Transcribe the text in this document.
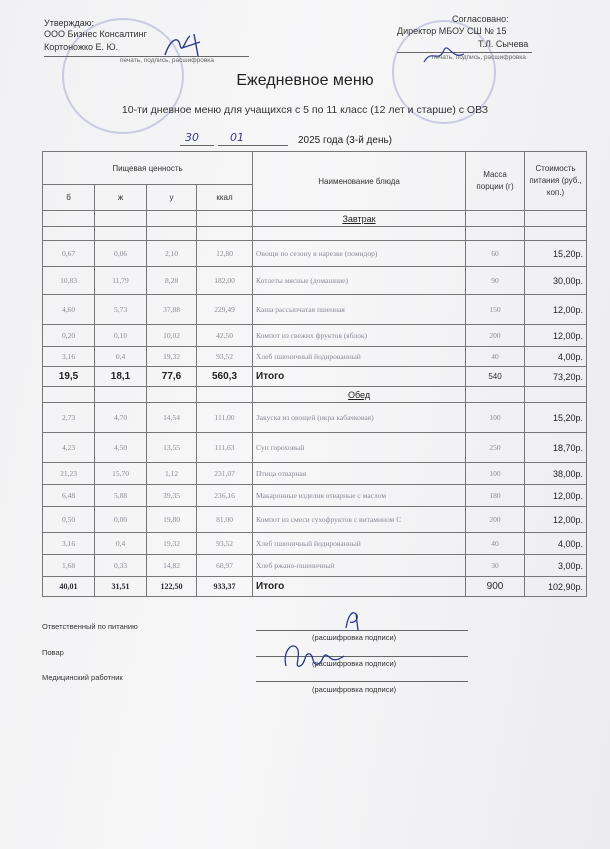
Утверждаю:
ООО Бизнес Консалтинг
Кортоножко Е. Ю.
печать, подпись, расшифровка
Согласовано:
Директор МБОУ СШ № 15
Т.Л. Сычева
печать, подпись, расшифровка
Ежедневное меню
10-ти дневное меню для учащихся с 5 по 11 класс (12 лет и старше) с ОВЗ
30	01	2025 года (3-й день)
Пищевая ценность				Наименование блюда	Масса порции (г)	Стоимость питания (руб., коп.)
б	ж	у	ккал			
				Завтрак		

0,67	0,06	2,10	12,80	Овощи по сезону в нарезке (помидор)	60	15,20р.
10,83	11,79	8,28	182,00	Котлеты мясные (домашние)	90	30,00р.
4,60	5,73	37,88	229,49	Каша рассыпчатая пшенная	150	12,00р.
0,20	0,10	10,02	42,50	Компот из свежих фруктов (яблок)	200	12,00р.
3,16	0,4	19,32	93,52	Хлеб пшеничный йодированный	40	4,00р.
19,5	18,1	77,6	560,3	Итого	540	73,20р.
				Обед		
2,73	4,70	14,54	111,00	Закуска из овощей (икра кабачковая)	100	15,20р.
4,23	4,50	13,55	111,63	Суп гороховый	250	18,70р.
21,23	15,70	1,12	231,07	Птица отварная	100	38,00р.
6,48	5,88	39,35	236,16	Макаронные изделия отварные с маслом	180	12,00р.
0,50	0,00	19,80	81,00	Компот из смеси сухофруктов с витамином С	200	12,00р.
3,16	0,4	19,32	93,52	Хлеб пшеничный йодированный	40	4,00р.
1,68	0,33	14,82	68,97	Хлеб ржано-пшеничный	30	3,00р.
40,01	31,51	122,50	933,37	Итого	900	102,90р.
Ответственный по питанию
(расшифровка подписи)
Повар
(расшифровка подписи)
Медицинский работник
(расшифровка подписи)
